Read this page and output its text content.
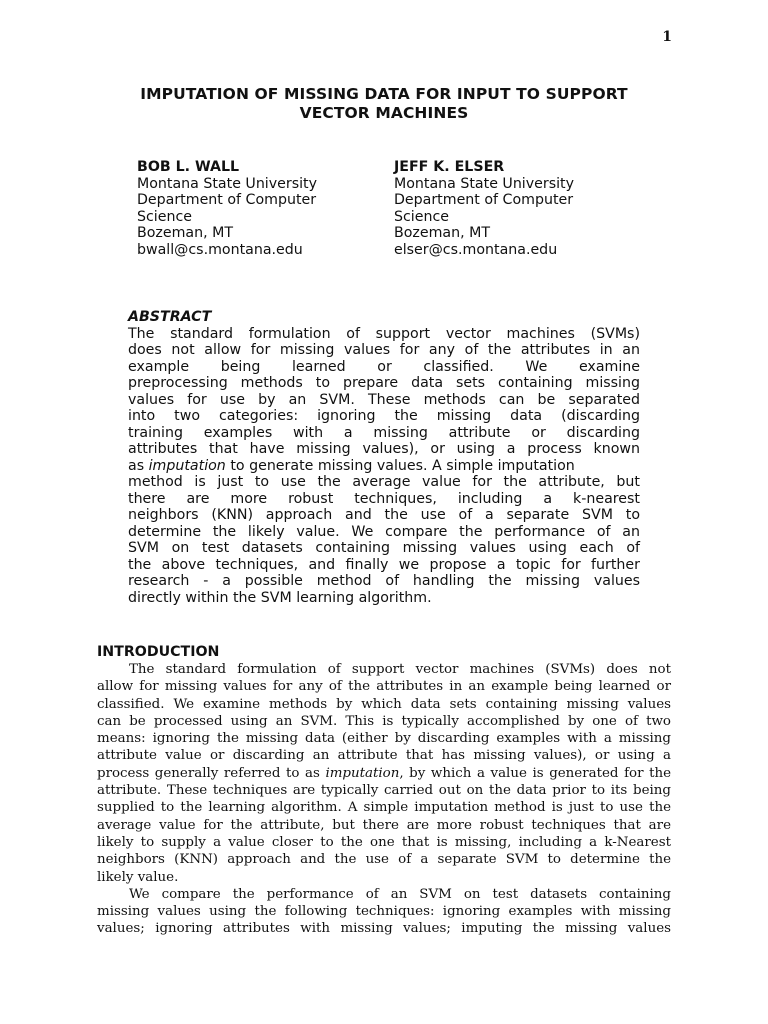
1
IMPUTATION OF MISSING DATA FOR INPUT TO SUPPORT
VECTOR MACHINES
BOB L. WALL
Montana State University
Department of Computer
Science
Bozeman, MT
bwall@cs.montana.edu
JEFF K. ELSER
Montana State University
Department of Computer
Science
Bozeman, MT
elser@cs.montana.edu
ABSTRACT
The standard formulation of support vector machines (SVMs)
does not allow for missing values for any of the attributes in an
example being learned or classified. We examine
preprocessing methods to prepare data sets containing missing
values for use by an SVM. These methods can be separated
into two categories: ignoring the missing data (discarding
training examples with a missing attribute or discarding
attributes that have missing values), or using a process known
as imputation to generate missing values. A simple imputation
method is just to use the average value for the attribute, but
there are more robust techniques, including a k-nearest
neighbors (KNN) approach and the use of a separate SVM to
determine the likely value. We compare the performance of an
SVM on test datasets containing missing values using each of
the above techniques, and finally we propose a topic for further
research - a possible method of handling the missing values
directly within the SVM learning algorithm.
INTRODUCTION
The standard formulation of support vector machines (SVMs) does not
allow for missing values for any of the attributes in an example being learned or
classified. We examine methods by which data sets containing missing values
can be processed using an SVM. This is typically accomplished by one of two
means: ignoring the missing data (either by discarding examples with a missing
attribute value or discarding an attribute that has missing values), or using a
process generally referred to as imputation, by which a value is generated for the
attribute. These techniques are typically carried out on the data prior to its being
supplied to the learning algorithm. A simple imputation method is just to use the
average value for the attribute, but there are more robust techniques that are
likely to supply a value closer to the one that is missing, including a k-Nearest
neighbors (KNN) approach and the use of a separate SVM to determine the
likely value.
We compare the performance of an SVM on test datasets containing
missing values using the following techniques: ignoring examples with missing
values; ignoring attributes with missing values; imputing the missing values
